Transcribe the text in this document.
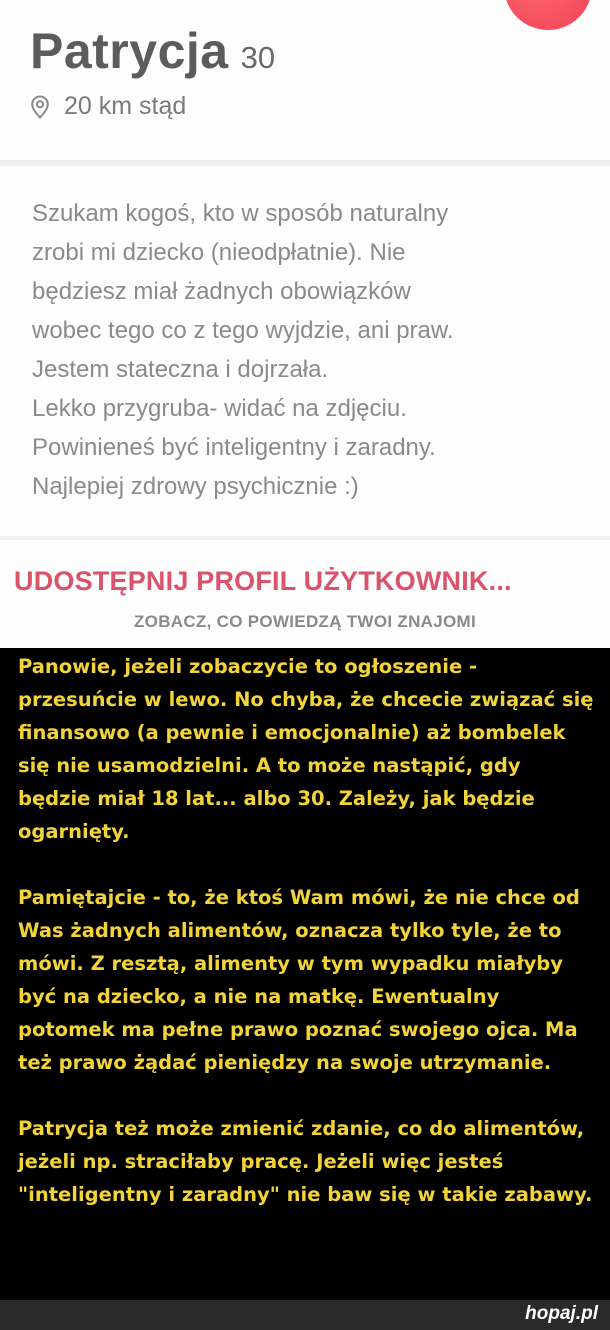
Patrycja 30
20 km stąd
Szukam kogoś, kto w sposób naturalny
zrobi mi dziecko (nieodpłatnie). Nie
będziesz miał żadnych obowiązków
wobec tego co z tego wyjdzie, ani praw.
Jestem stateczna i dojrzała.
Lekko przygruba- widać na zdjęciu.
Powinieneś być inteligentny i zaradny.
Najlepiej zdrowy psychicznie :)
UDOSTĘPNIJ PROFIL UŻYTKOWNIK...
ZOBACZ, CO POWIEDZĄ TWOI ZNAJOMI

Panowie, jeżeli zobaczycie to ogłoszenie - przesuńcie w lewo. No chyba, że chcecie związać się finansowo (a pewnie i emocjonalnie) aż bombelek się nie usamodzielni. A to może nastąpić, gdy będzie miał 18 lat... albo 30. Zależy, jak będzie ogarnięty.

Pamiętajcie - to, że ktoś Wam mówi, że nie chce od Was żadnych alimentów, oznacza tylko tyle, że to mówi. Z resztą, alimenty w tym wypadku miałyby być na dziecko, a nie na matkę. Ewentualny potomek ma pełne prawo poznać swojego ojca. Ma też prawo żądać pieniędzy na swoje utrzymanie.

Patrycja też może zmienić zdanie, co do alimentów, jeżeli np. straciłaby pracę. Jeżeli więc jesteś "inteligentny i zaradny" nie baw się w takie zabawy.

hopaj.pl
